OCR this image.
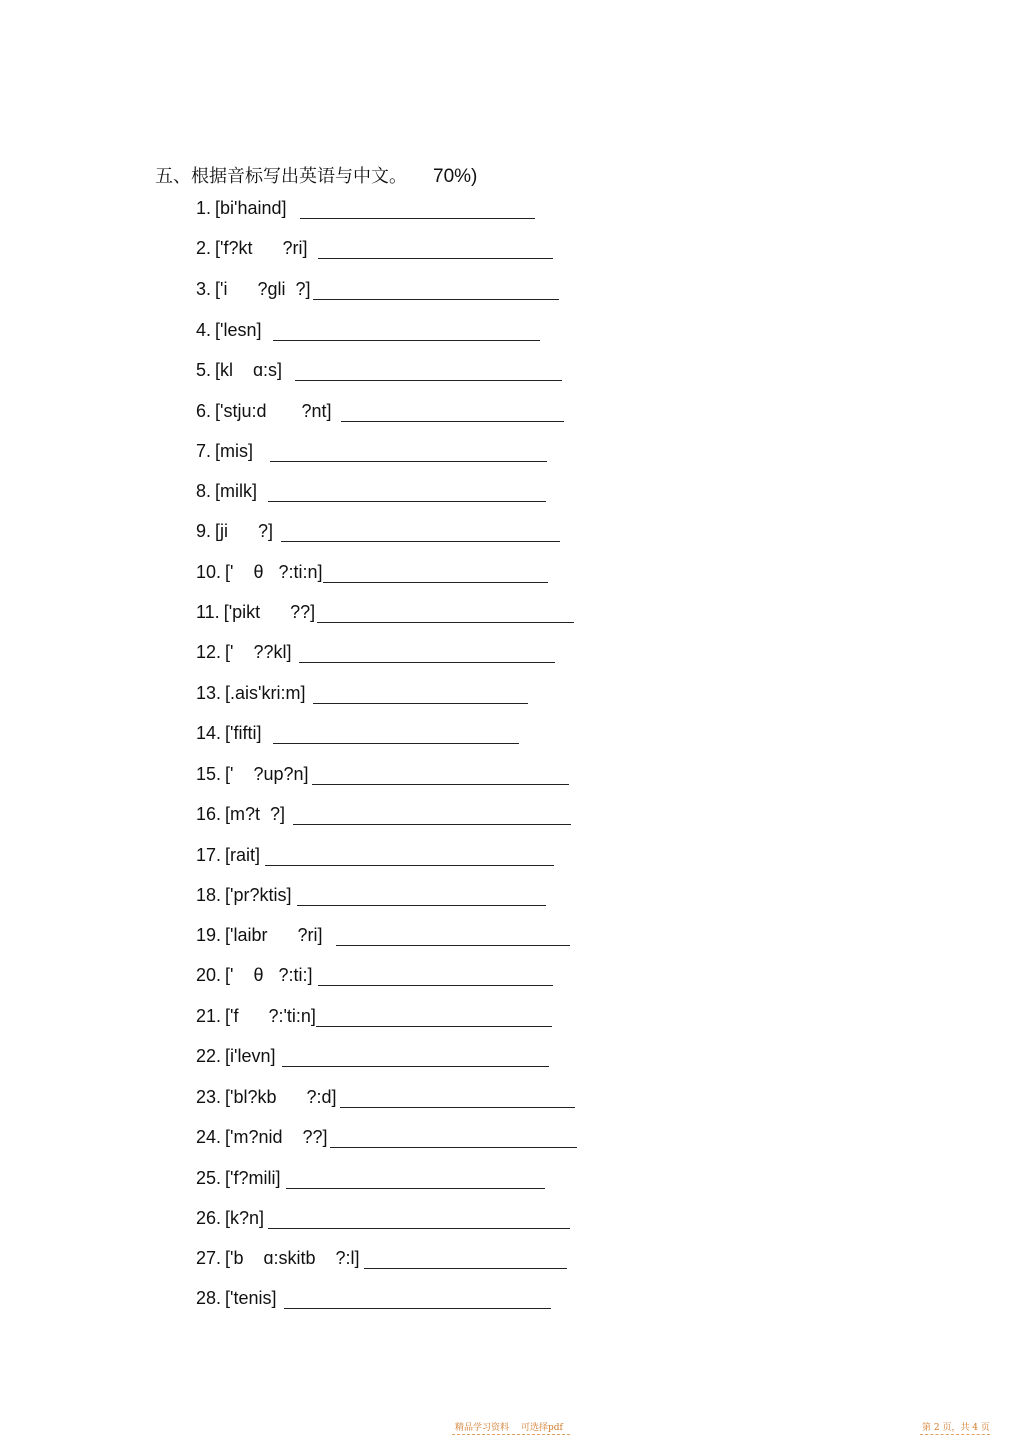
五、根据音标写出英语与中文。 70%)
1. [bi'haind]
2. ['f?kt      ?ri]
3. ['i      ?gli  ?]
4. ['lesn]
5. [kl    ɑ:s]
6. ['stju:d       ?nt]
7. [mis]
8. [milk]
9. [ji      ?]
10. ['    θ   ?:ti:n]
11. ['pikt      ??]
12. ['    ??kl]
13. [.ais'kri:m]
14. ['fifti]
15. ['    ?up?n]
16. [m?t  ?]
17. [rait]
18. ['pr?ktis]
19. ['laibr      ?ri]
20. ['    θ   ?:ti:]
21. ['f      ?:'ti:n]
22. [i'levn]
23. ['bl?kb      ?:d]
24. ['m?nid    ??]
25. ['f?mili]
26. [k?n]
27. ['b    ɑ:skitb    ?:l]
28. ['tenis]
精品学习资料 可选择pdf	第 2 页，共 4 页
